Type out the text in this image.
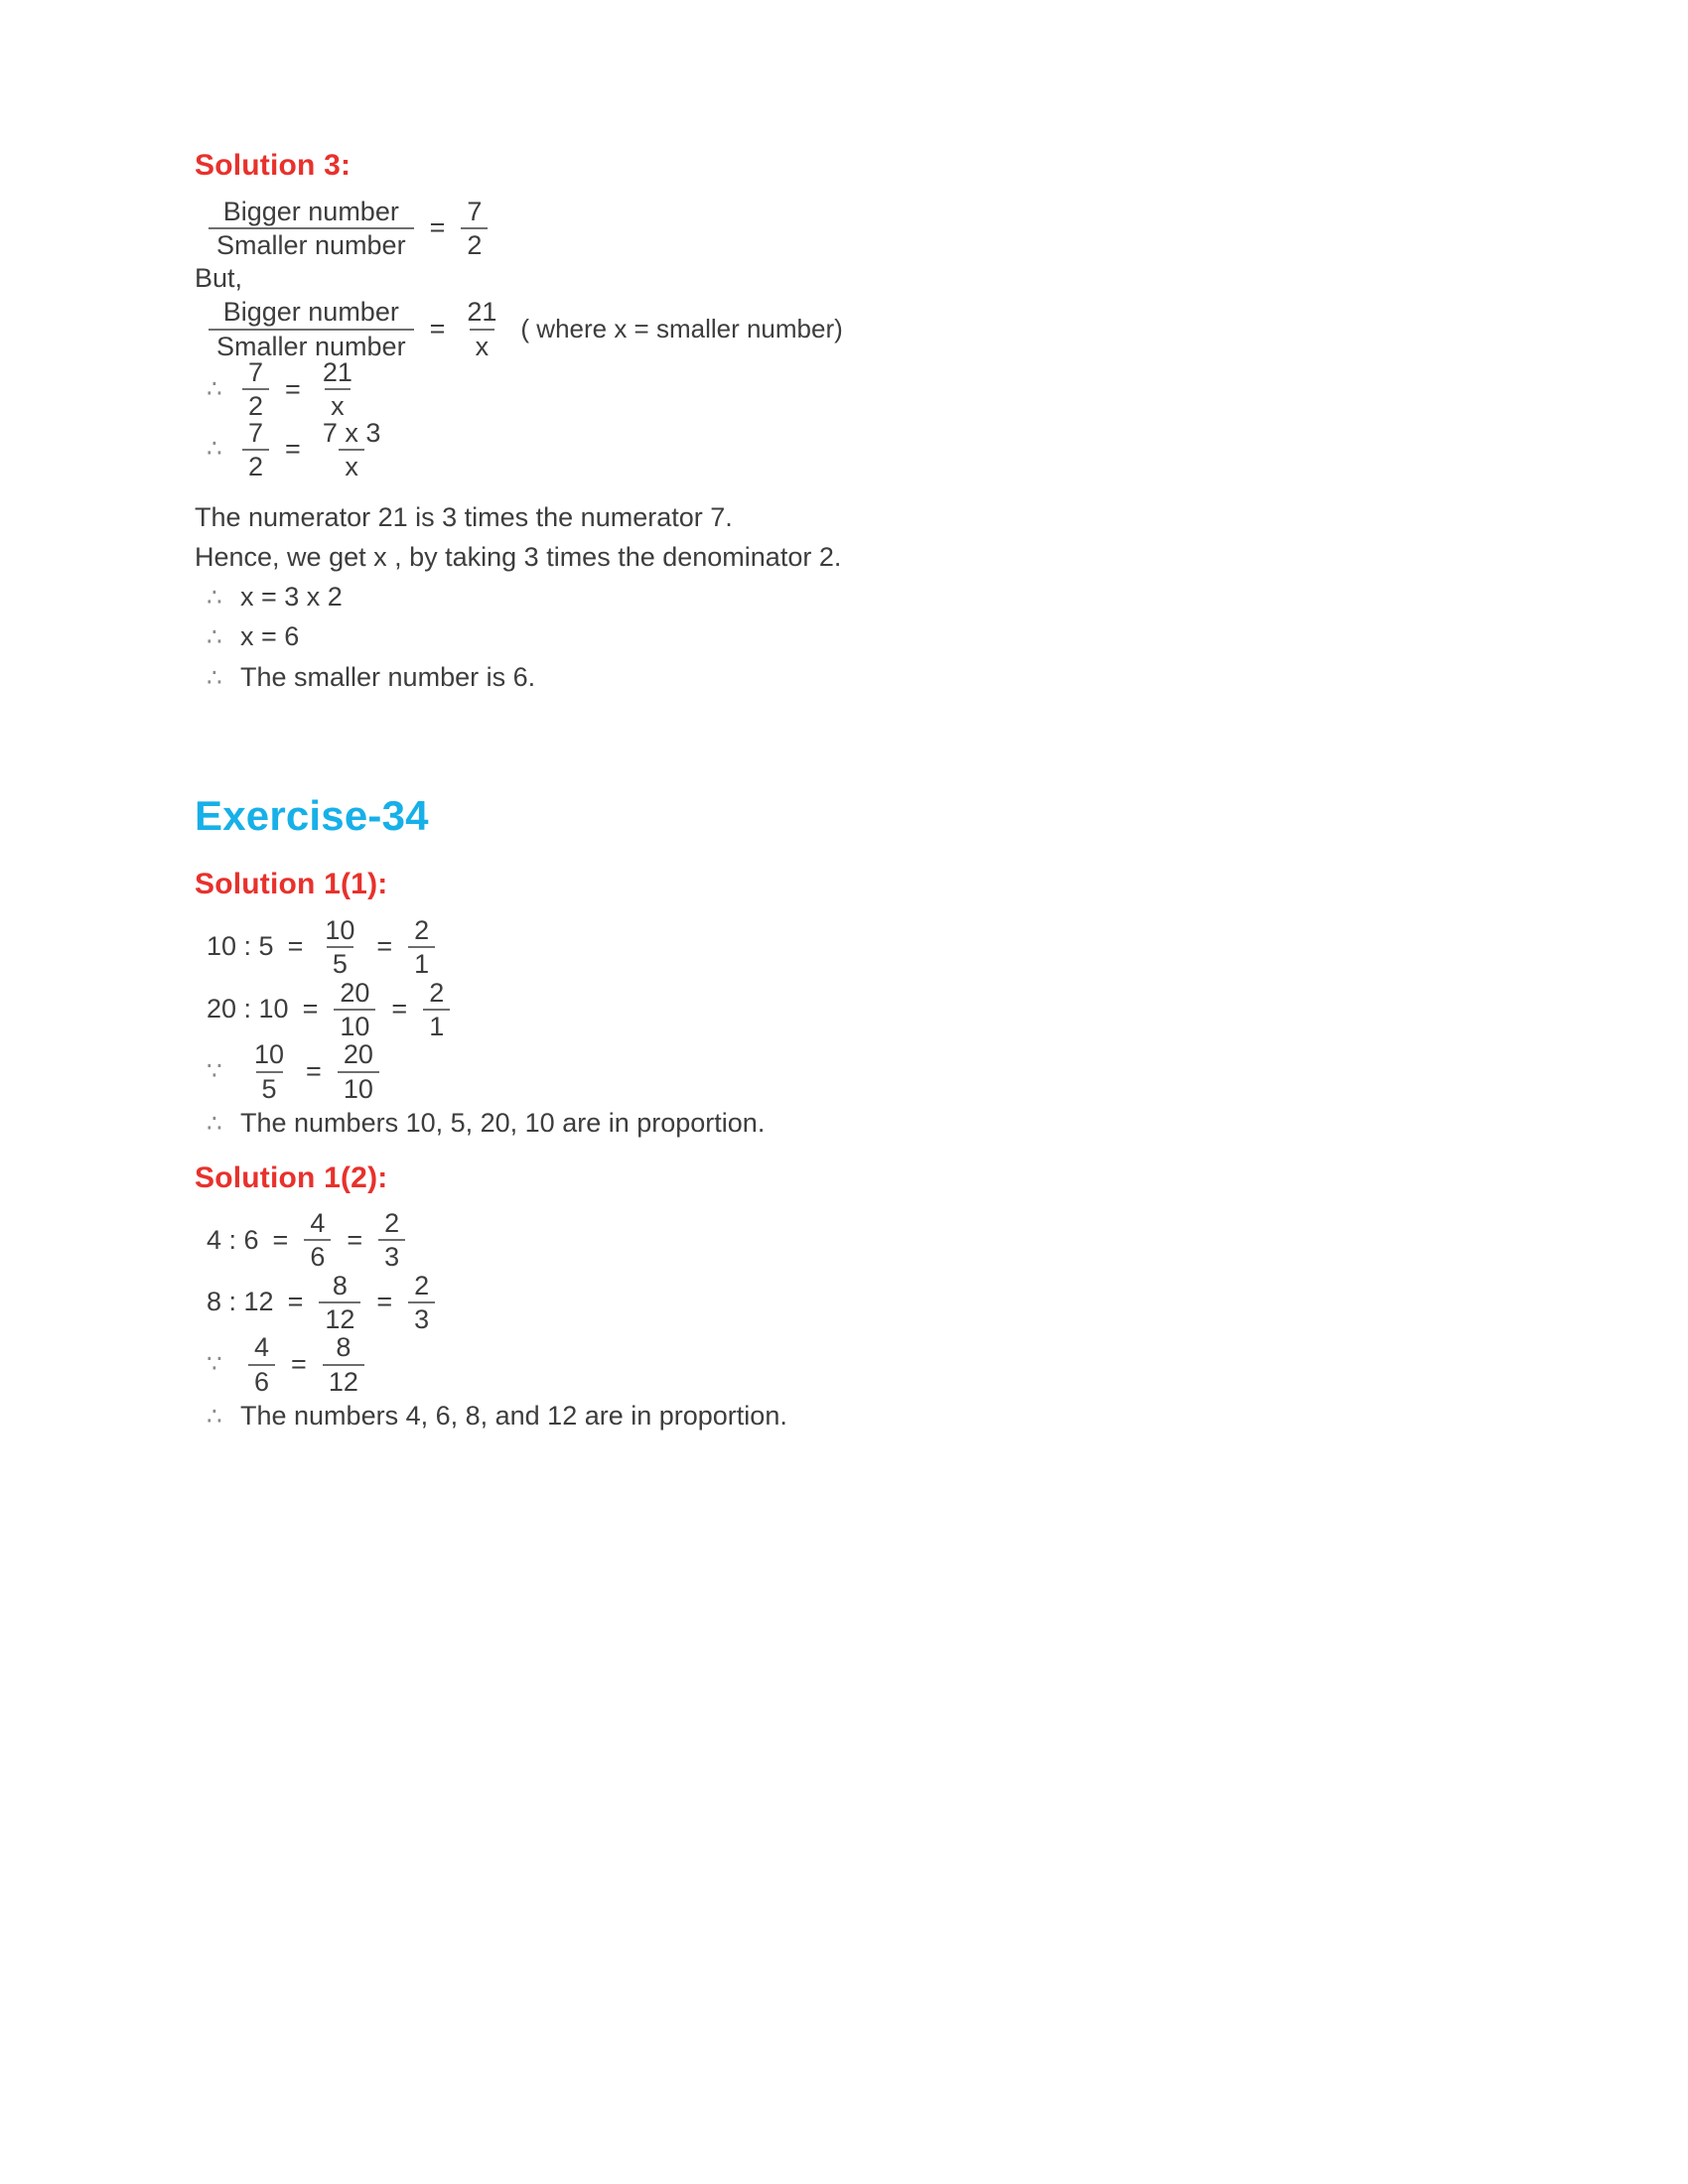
Solution 3:
$\frac{\text{Bigger number}}{\text{Smaller number}} = \frac{7}{2}$
But,
$\frac{\text{Bigger number}}{\text{Smaller number}} = \frac{21}{x}$ ( where x = smaller number)
∴ $\frac{7}{2} = \frac{21}{x}$
∴ $\frac{7}{2} = \frac{7 x 3}{x}$
The numerator 21 is 3 times the numerator 7.
Hence, we get x , by taking 3 times the denominator 2.
∴ x = 3 x 2
∴ x = 6
∴ The smaller number is 6.
Exercise-34
Solution 1(1):
10 : $5 = \frac{10}{5} = \frac{2}{1}$
20 : $10 = \frac{20}{10} = \frac{2}{1}$
∵ $\frac{10}{5} = \frac{20}{10}$
∴ The numbers 10, 5, 20, 10 are in proportion.
Solution 1(2):
4 : $6 = \frac{4}{6} = \frac{2}{3}$
8 : $12 = \frac{8}{12} = \frac{2}{3}$
∵ $\frac{4}{6} = \frac{8}{12}$
∴ The numbers 4, 6, 8, and 12 are in proportion.
